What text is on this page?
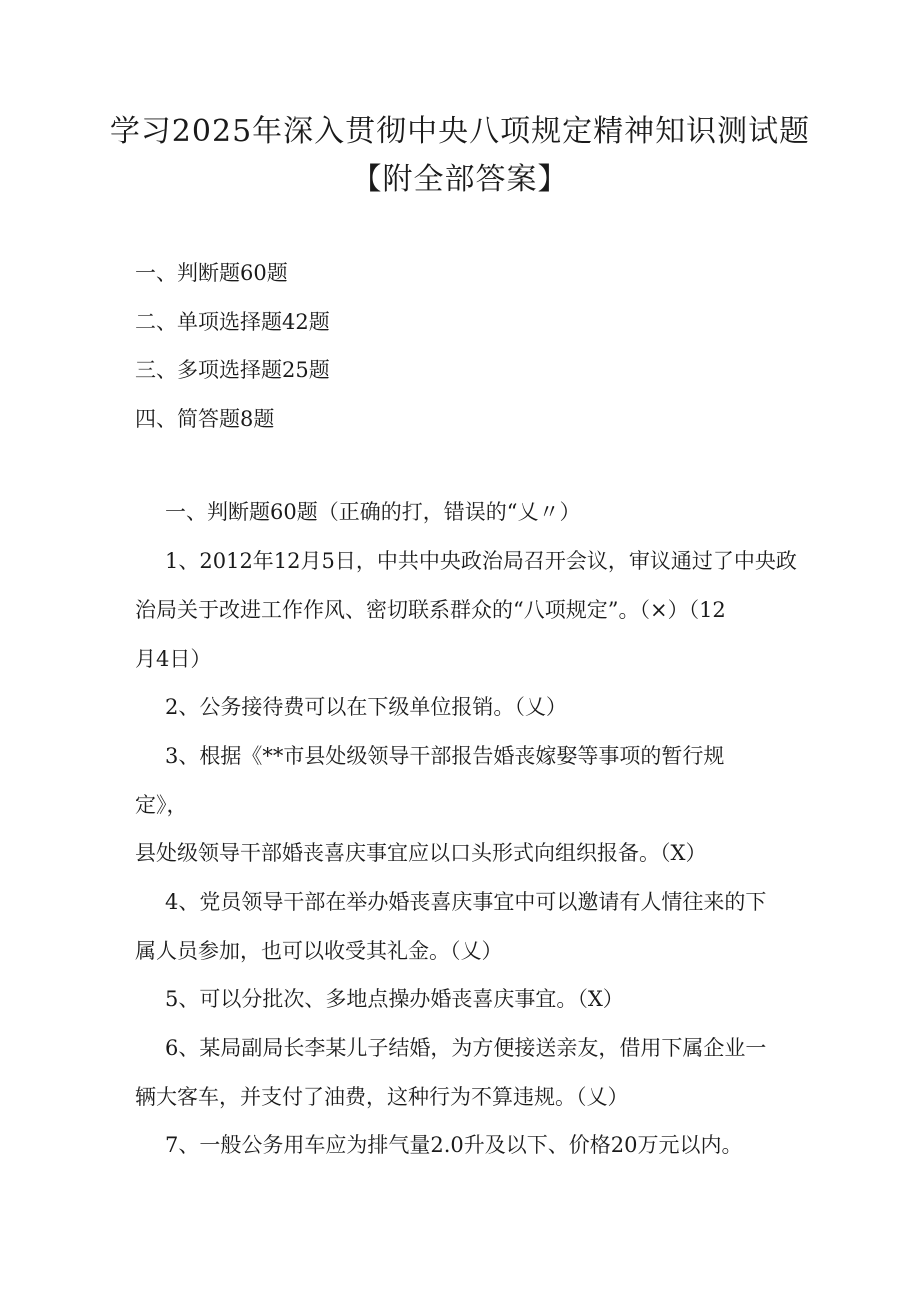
学习2025年深入贯彻中央八项规定精神知识测试题
【附全部答案】
一、判断题60题
二、单项选择题42题
三、多项选择题25题
四、简答题8题
一、判断题60题（正确的打，错误的“乂〃）
1、2012年12月5日，中共中央政治局召开会议，审议通过了中央政
治局关于改进工作作风、密切联系群众的“八项规定”。（×）（12
月4日）
2、公务接待费可以在下级单位报销。（乂）
3、根据《**市县处级领导干部报告婚丧嫁娶等事项的暂行规
定》，
县处级领导干部婚丧喜庆事宜应以口头形式向组织报备。（X）
4、党员领导干部在举办婚丧喜庆事宜中可以邀请有人情往来的下
属人员参加，也可以收受其礼金。（乂）
5、可以分批次、多地点操办婚丧喜庆事宜。（X）
6、某局副局长李某儿子结婚，为方便接送亲友，借用下属企业一
辆大客车，并支付了油费，这种行为不算违规。（乂）
7、一般公务用车应为排气量2.0升及以下、价格20万元以内。
